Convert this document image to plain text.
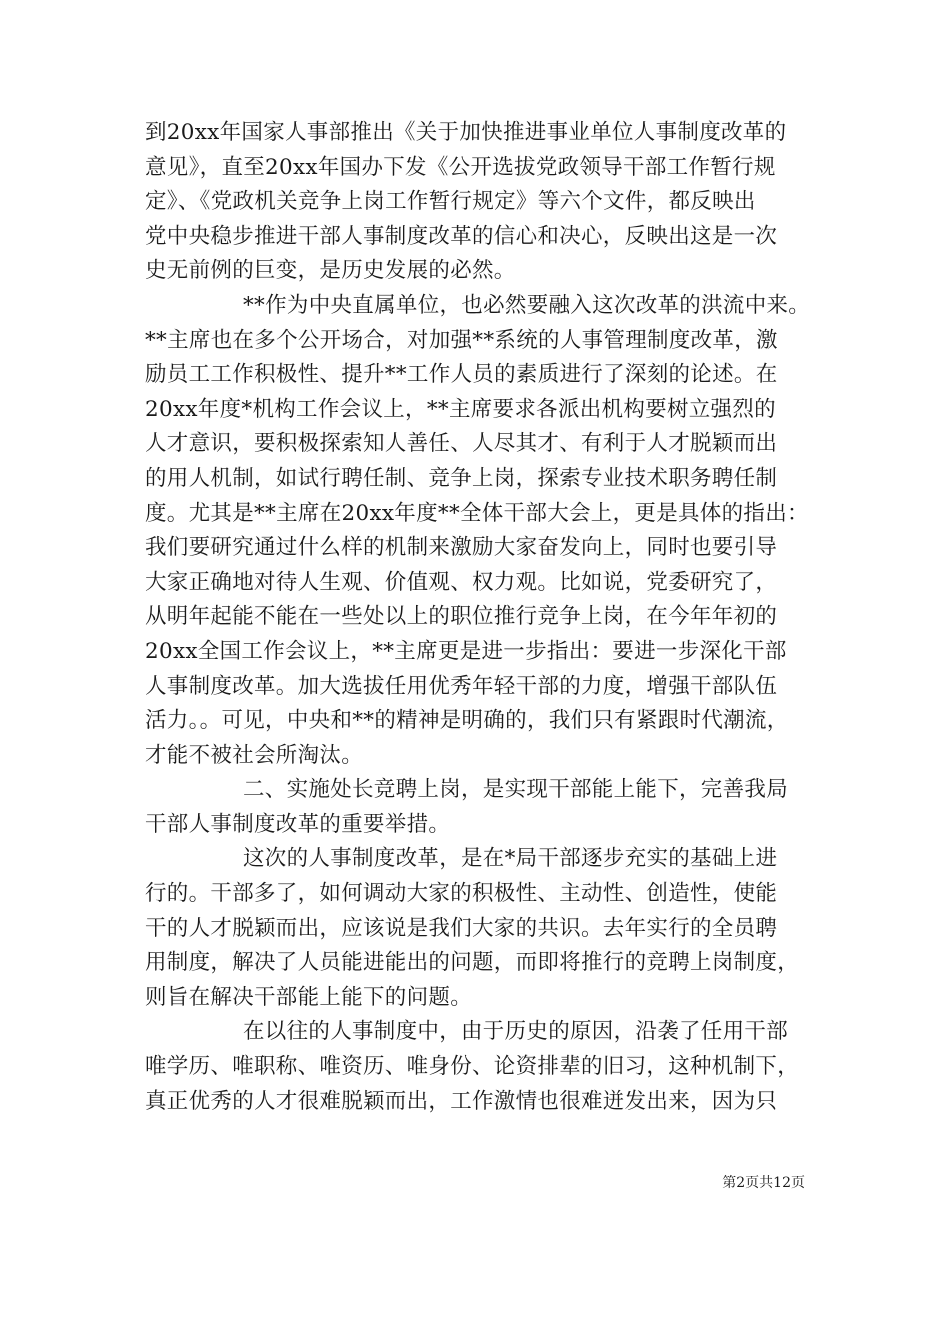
到20xx年国家人事部推出《关于加快推进事业单位人事制度改革的
意见》，直至20xx年国办下发《公开选拔党政领导干部工作暂行规
定》、《党政机关竞争上岗工作暂行规定》等六个文件，都反映出
党中央稳步推进干部人事制度改革的信心和决心，反映出这是一次
史无前例的巨变，是历史发展的必然。
**作为中央直属单位，也必然要融入这次改革的洪流中来。
**主席也在多个公开场合，对加强**系统的人事管理制度改革，激
励员工工作积极性、提升**工作人员的素质进行了深刻的论述。在
20xx年度*机构工作会议上，**主席要求各派出机构要树立强烈的
人才意识，要积极探索知人善任、人尽其才、有利于人才脱颖而出
的用人机制，如试行聘任制、竞争上岗，探索专业技术职务聘任制
度。尤其是**主席在20xx年度**全体干部大会上，更是具体的指出：
我们要研究通过什么样的机制来激励大家奋发向上，同时也要引导
大家正确地对待人生观、价值观、权力观。比如说，党委研究了，
从明年起能不能在一些处以上的职位推行竞争上岗，在今年年初的
20xx全国工作会议上，**主席更是进一步指出：要进一步深化干部
人事制度改革。加大选拔任用优秀年轻干部的力度，增强干部队伍
活力。。可见，中央和**的精神是明确的，我们只有紧跟时代潮流，
才能不被社会所淘汰。
二、实施处长竞聘上岗，是实现干部能上能下，完善我局
干部人事制度改革的重要举措。
这次的人事制度改革，是在*局干部逐步充实的基础上进
行的。干部多了，如何调动大家的积极性、主动性、创造性，使能
干的人才脱颖而出，应该说是我们大家的共识。去年实行的全员聘
用制度，解决了人员能进能出的问题，而即将推行的竞聘上岗制度，
则旨在解决干部能上能下的问题。
在以往的人事制度中，由于历史的原因，沿袭了任用干部
唯学历、唯职称、唯资历、唯身份、论资排辈的旧习，这种机制下，
真正优秀的人才很难脱颖而出，工作激情也很难迸发出来，因为只
第2页共12页
